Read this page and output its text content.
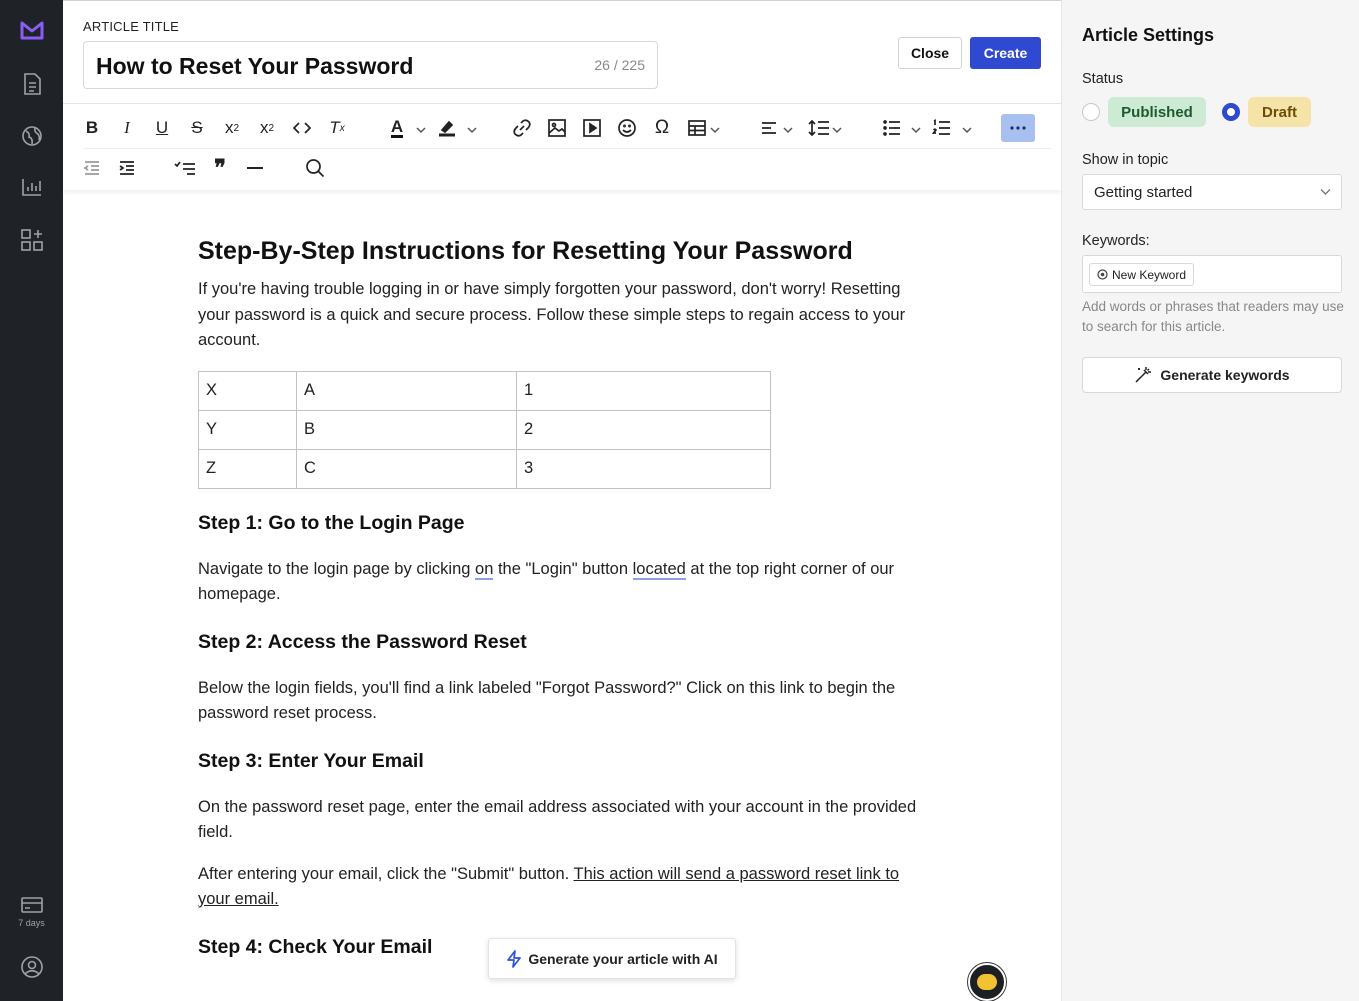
7 days
ARTICLE TITLE
How to Reset Your Password	26 / 225
Close	Create
B	I	U	S	x 2	x 2	T x	A	Ω
❞
Step-By-Step Instructions for Resetting Your Password

If you're having trouble logging in or have simply forgotten your password, don't worry! Resetting your password is a quick and secure process. Follow these simple steps to regain access to your account.

X	A	1
Y	B	2
Z	C	3
Step 1: Go to the Login Page

Navigate to the login page by clicking on the "Login" button located at the top right corner of our homepage.

Step 2: Access the Password Reset

Below the login fields, you'll find a link labeled "Forgot Password?" Click on this link to begin the password reset process.

Step 3: Enter Your Email

On the password reset page, enter the email address associated with your account in the provided field.

After entering your email, click the "Submit" button. This action will send a password reset link to your email.

Step 4: Check Your Email
Generate your article with AI
Article Settings
Status
Published	Draft
Show in topic
Getting started
Keywords:
New Keyword
Add words or phrases that readers may use to search for this article.
Generate keywords
